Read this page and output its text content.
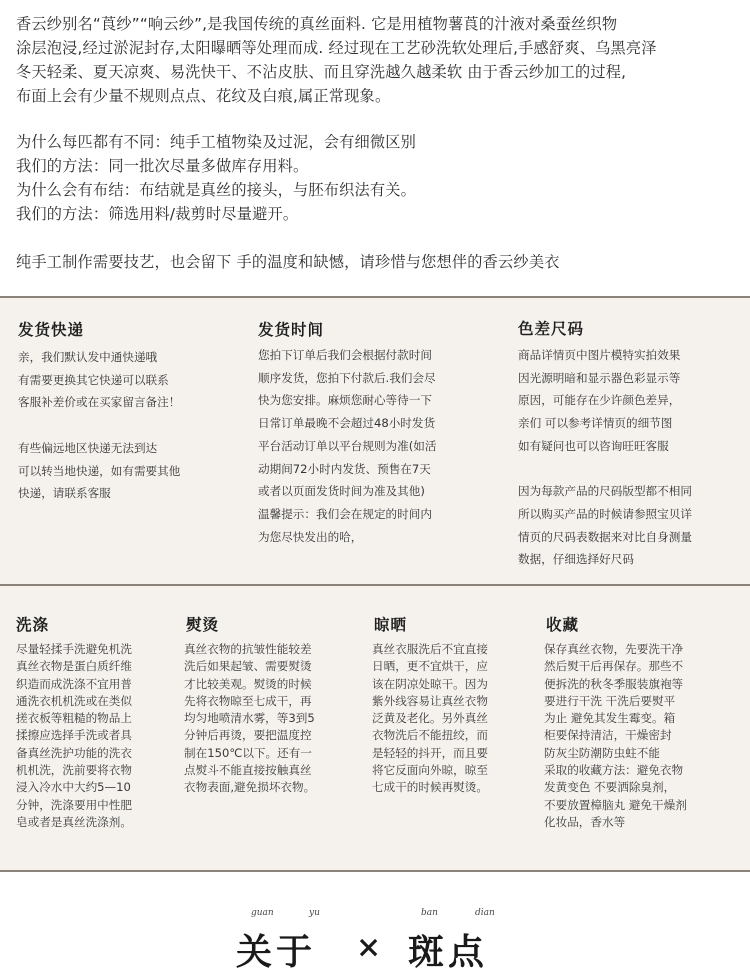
香云纱别名“莨纱”“响云纱”,是我国传统的真丝面料. 它是用植物薯莨的汁液对桑蚕丝织物

涂层泡浸,经过淤泥封存,太阳曝晒等处理而成. 经过现在工艺砂洗软处理后,手感舒爽、乌黑亮泽

冬天轻柔、夏天凉爽、易洗快干、不沾皮肤、而且穿洗越久越柔软 由于香云纱加工的过程,

布面上会有少量不规则点点、花纹及白痕,属正常现象。

为什么每匹都有不同：纯手工植物染及过泥，会有细微区别

我们的方法：同一批次尽量多做库存用料。

为什么会有布结：布结就是真丝的接头，与胚布织法有关。

我们的方法：筛选用料/裁剪时尽量避开。

纯手工制作需要技艺，也会留下 手的温度和缺憾，请珍惜与您想伴的香云纱美衣

发货快递
亲，我们默认发中通快递哦
有需要更换其它快递可以联系
客服补差价或在买家留言备注！
有些偏远地区快递无法到达
可以转当地快递，如有需要其他
快递，请联系客服
发货时间
您拍下订单后我们会根据付款时间
顺序发货，您拍下付款后.我们会尽
快为您安排。麻烦您耐心等待一下
日常订单最晚不会超过48小时发货
平台活动订单以平台规则为准(如活
动期间72小时内发货、预售在7天
或者以页面发货时间为准及其他)
温馨提示：我们会在规定的时间内
为您尽快发出的哈，
色差尺码
商品详情页中图片模特实拍效果
因光源明暗和显示器色彩显示等
原因，可能存在少许颜色差异，
亲们 可以参考详情页的细节图
如有疑问也可以咨询旺旺客服
因为每款产品的尺码版型都不相同
所以购买产品的时候请参照宝贝详
情页的尺码表数据来对比自身测量
数据，仔细选择好尺码
洗涤
尽量轻揉手洗避免机洗
真丝衣物是蛋白质纤维
织造而成洗涤不宜用普
通洗衣机机洗或在类似
搓衣板等粗糙的物品上
揉擦应选择手洗或者具
备真丝洗护功能的洗衣
机机洗，洗前要将衣物
浸入冷水中大约5—10
分钟，洗涤要用中性肥
皂或者是真丝洗涤剂。
熨烫
真丝衣物的抗皱性能较差
洗后如果起皱、需要熨烫
才比较美观。熨烫的时候
先将衣物晾至七成干，再
均匀地喷清水雾，等3到5
分钟后再烫，要把温度控
制在150℃以下。还有一
点熨斗不能直接按触真丝
衣物表面,避免损坏衣物。
晾晒
真丝衣服洗后不宜直接
日晒，更不宜烘干，应
该在阴凉处晾干。因为
紫外线容易让真丝衣物
泛黄及老化。另外真丝
衣物洗后不能扭绞，而
是轻轻的抖开，而且要
将它反面向外晾，晾至
七成干的时候再熨烫。
收藏
保存真丝衣物，先要洗干净
然后熨干后再保存。那些不
便拆洗的秋冬季服装旗袍等
要进行干洗 干洗后要熨平
为止 避免其发生霉变。箱
柜要保持清洁，干燥密封
防灰尘防潮防虫蛀不能
采取的收藏方法：避免衣物
发黄变色 不要洒除臭剂，
不要放置樟脑丸 避免干燥剂
化妆品，香水等
guan	yu	ban	dian
关于 × 斑点
